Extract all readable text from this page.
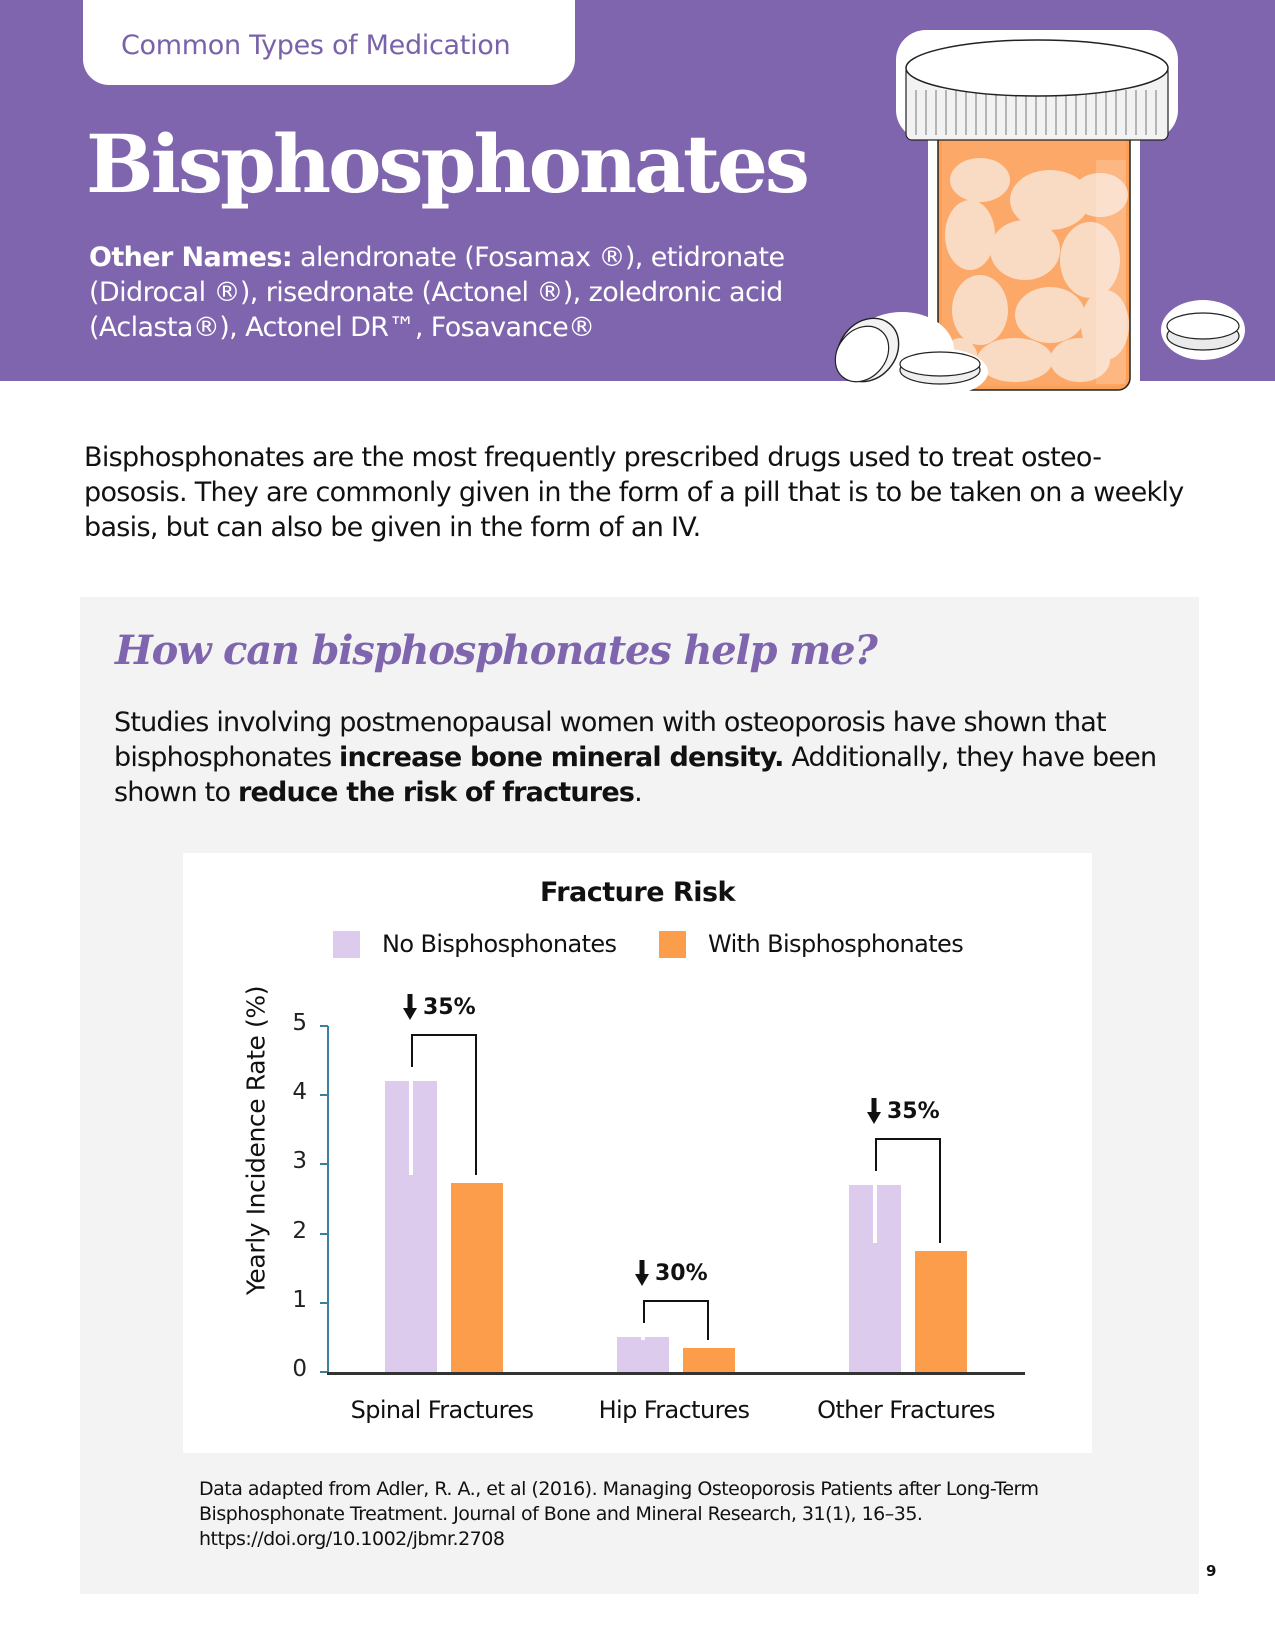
Common Types of Medication
Bisphosphonates
Other Names: alendronate (Fosamax ®), etidronate (Didrocal ®), risedronate (Actonel ®), zoledronic acid (Aclasta®), Actonel DR™, Fosavance®

Bisphosphonates are the most frequently prescribed drugs used to treat osteo-pososis. They are commonly given in the form of a pill that is to be taken on a weekly basis, but can also be given in the form of an IV.

How can bisphosphonates help me?

Studies involving postmenopausal women with osteoporosis have shown that bisphosphonates increase bone mineral density. Additionally, they have been shown to reduce the risk of fractures.

Fracture Risk
No Bisphosphonates	With Bisphosphonates
Yearly Incidence Rate (%)
0
1
2
3
4
5
35%
Spinal Fractures
30%
Hip Fractures
35%
Other Fractures

Data adapted from Adler, R. A., et al (2016). Managing Osteoporosis Patients after Long-Term Bisphosphonate Treatment. Journal of Bone and Mineral Research, 31(1), 16–35. https://doi.org/10.1002/jbmr.2708

9
